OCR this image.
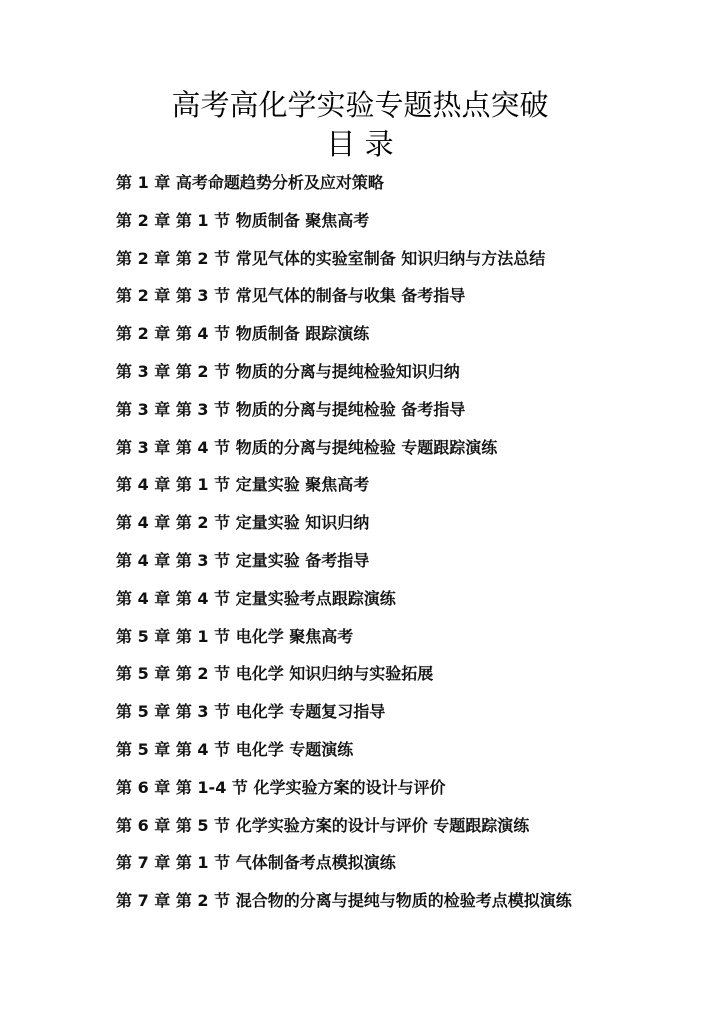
高考高化学实验专题热点突破
目 录
第 1 章 高考命题趋势分析及应对策略
第 2 章 第 1 节 物质制备 聚焦高考
第 2 章 第 2 节 常见气体的实验室制备 知识归纳与方法总结
第 2 章 第 3 节 常见气体的制备与收集 备考指导
第 2 章 第 4 节 物质制备 跟踪演练
第 3 章 第 2 节 物质的分离与提纯检验知识归纳
第 3 章 第 3 节 物质的分离与提纯检验 备考指导
第 3 章 第 4 节 物质的分离与提纯检验 专题跟踪演练
第 4 章 第 1 节 定量实验 聚焦高考
第 4 章 第 2 节 定量实验 知识归纳
第 4 章 第 3 节 定量实验 备考指导
第 4 章 第 4 节 定量实验考点跟踪演练
第 5 章 第 1 节 电化学 聚焦高考
第 5 章 第 2 节 电化学 知识归纳与实验拓展
第 5 章 第 3 节 电化学 专题复习指导
第 5 章 第 4 节 电化学 专题演练
第 6 章 第 1-4 节 化学实验方案的设计与评价
第 6 章 第 5 节 化学实验方案的设计与评价 专题跟踪演练
第 7 章 第 1 节 气体制备考点模拟演练
第 7 章 第 2 节 混合物的分离与提纯与物质的检验考点模拟演练
